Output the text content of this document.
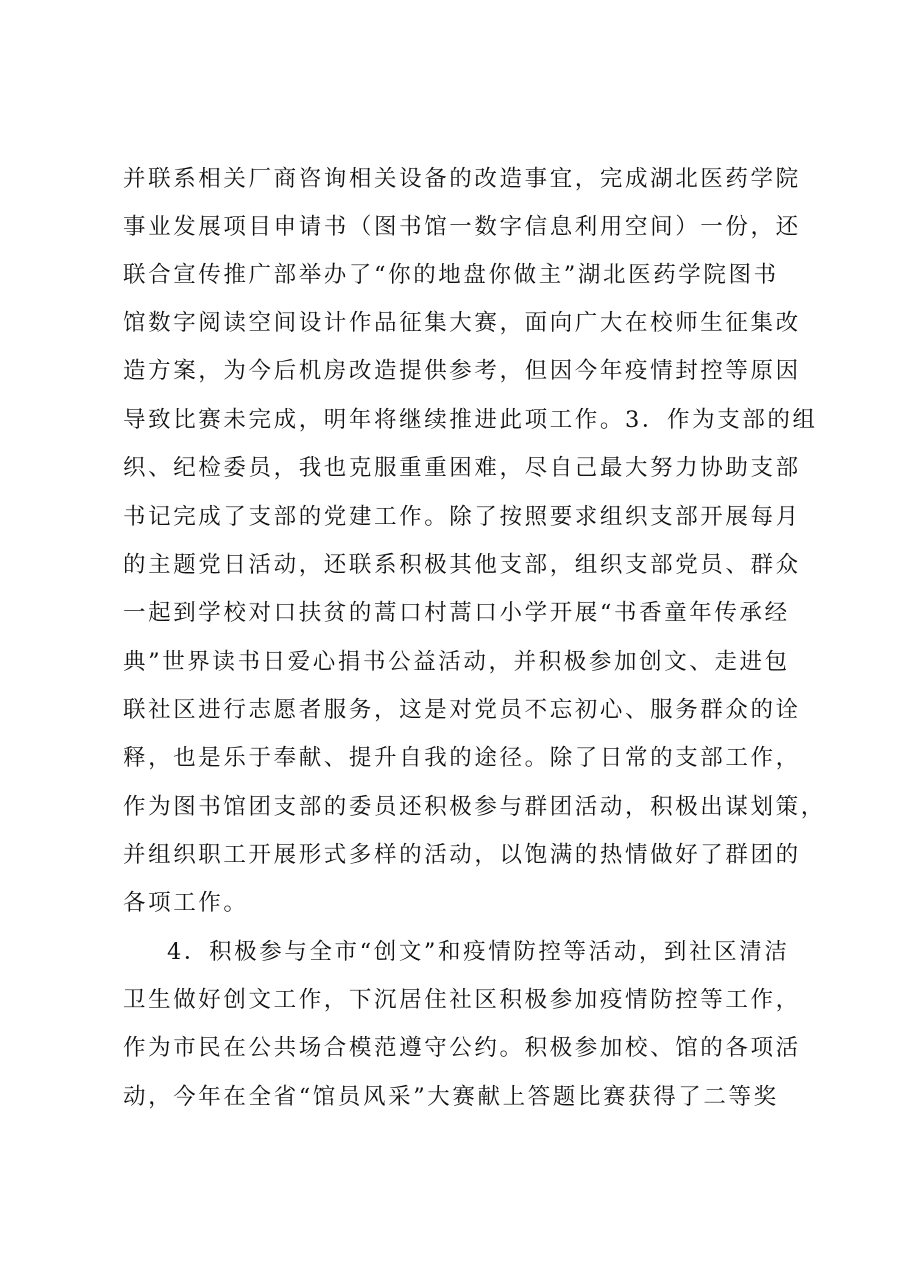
并联系相关厂商咨询相关设备的改造事宜，完成湖北医药学院
事业发展项目申请书（图书馆一数字信息利用空间）一份，还
联合宣传推广部举办了“你的地盘你做主”湖北医药学院图书
馆数字阅读空间设计作品征集大赛，面向广大在校师生征集改
造方案，为今后机房改造提供参考，但因今年疫情封控等原因
导致比赛未完成，明年将继续推进此项工作。3．作为支部的组
织、纪检委员，我也克服重重困难，尽自己最大努力协助支部
书记完成了支部的党建工作。除了按照要求组织支部开展每月
的主题党日活动，还联系积极其他支部，组织支部党员、群众
一起到学校对口扶贫的蒿口村蒿口小学开展“书香童年传承经
典”世界读书日爱心捐书公益活动，并积极参加创文、走进包
联社区进行志愿者服务，这是对党员不忘初心、服务群众的诠
释，也是乐于奉献、提升自我的途径。除了日常的支部工作，
作为图书馆团支部的委员还积极参与群团活动，积极出谋划策，
并组织职工开展形式多样的活动，以饱满的热情做好了群团的
各项工作。
4．积极参与全市“创文”和疫情防控等活动，到社区清洁
卫生做好创文工作，下沉居住社区积极参加疫情防控等工作，
作为市民在公共场合模范遵守公约。积极参加校、馆的各项活
动，今年在全省“馆员风采”大赛献上答题比赛获得了二等奖
